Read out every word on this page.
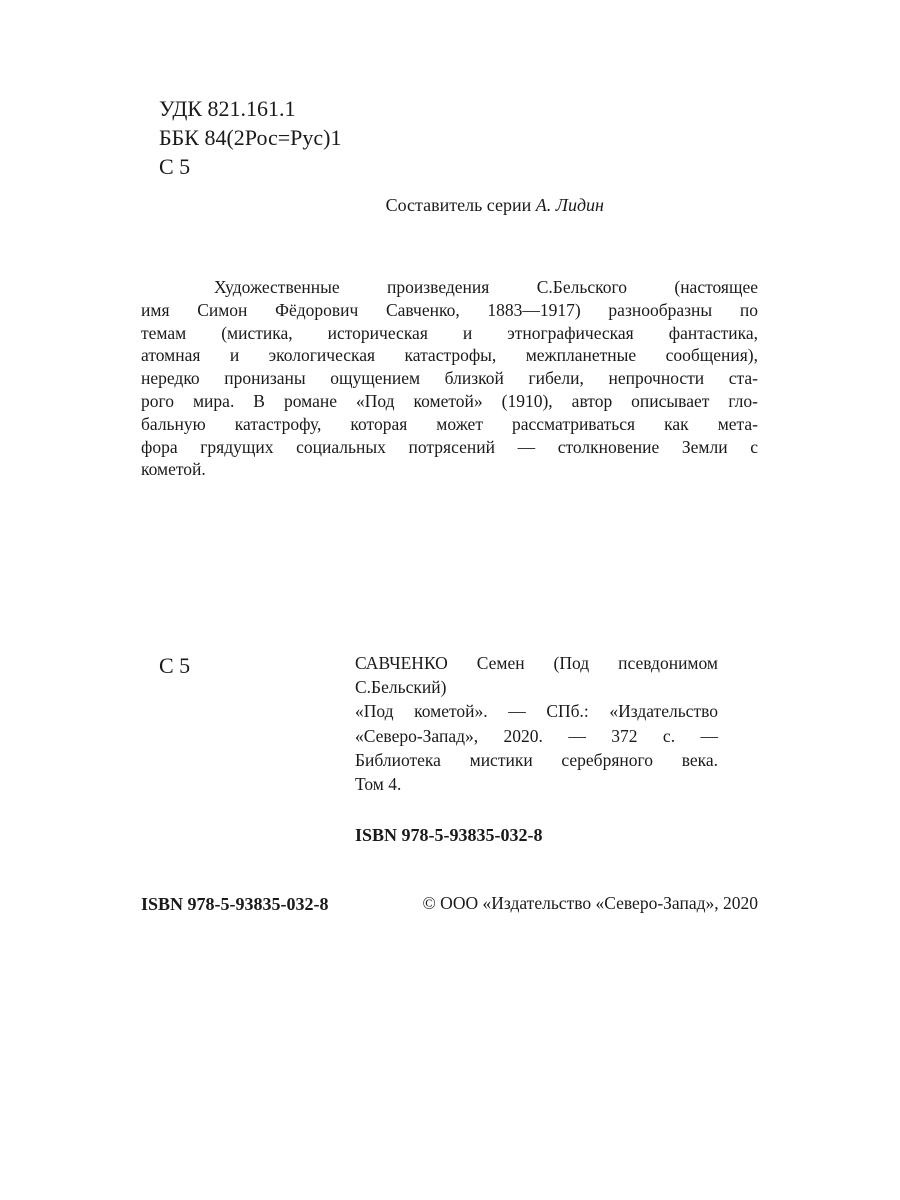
УДК 821.161.1
ББК 84(2Рос=Рус)1
С 5
Составитель серии А. Лидин
Художественные произведения С.Бельского (настоящее
имя Симон Фёдорович Савченко, 1883—1917) разнообразны по
темам (мистика, историческая и этнографическая фантастика,
атомная и экологическая катастрофы, межпланетные сообщения),
нередко пронизаны ощущением близкой гибели, непрочности ста-
рого мира. В романе «Под кометой» (1910), автор описывает гло-
бальную катастрофу, которая может рассматриваться как мета-
фора грядущих социальных потрясений — столкновение Земли с
кометой.
С 5	САВЧЕНКО Семен (Под псевдонимом
С.Бельский)
«Под кометой». — СПб.: «Издательство
«Северо-Запад», 2020. — 372 с. —
Библиотека мистики серебряного века.
Том 4.
ISBN 978-5-93835-032-8
ISBN 978-5-93835-032-8	© ООО «Издательство «Северо-Запад», 2020
